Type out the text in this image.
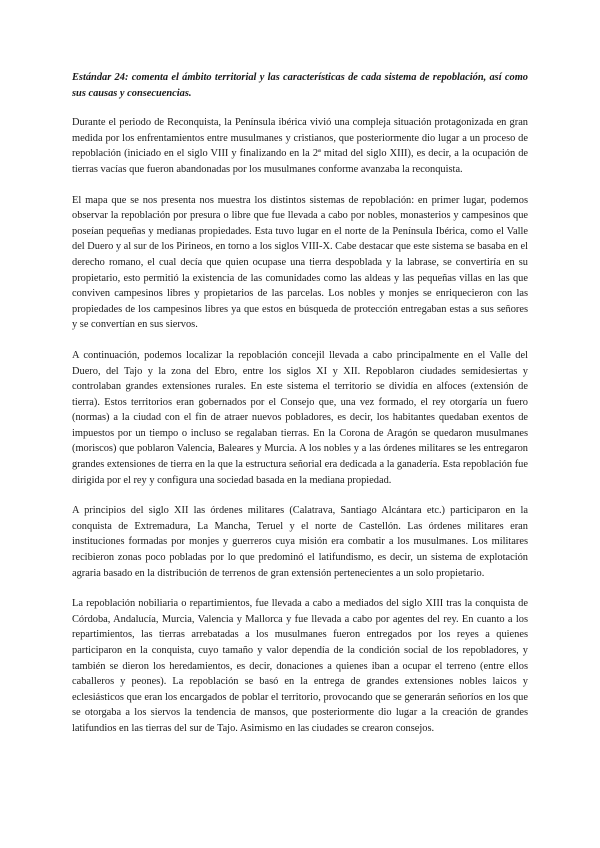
Estándar 24: comenta el ámbito territorial y las características de cada sistema de repoblación, así como sus causas y consecuencias.

Durante el periodo de Reconquista, la Península ibérica vivió una compleja situación protagonizada en gran medida por los enfrentamientos entre musulmanes y cristianos, que posteriormente dio lugar a un proceso de repoblación (iniciado en el siglo VIII y finalizando en la 2ª mitad del siglo XIII), es decir, a la ocupación de tierras vacías que fueron abandonadas por los musulmanes conforme avanzaba la reconquista.

El mapa que se nos presenta nos muestra los distintos sistemas de repoblación: en primer lugar, podemos observar la repoblación por presura o libre que fue llevada a cabo por nobles, monasterios y campesinos que poseían pequeñas y medianas propiedades. Esta tuvo lugar en el norte de la Península Ibérica, como el Valle del Duero y al sur de los Pirineos, en torno a los siglos VIII-X. Cabe destacar que este sistema se basaba en el derecho romano, el cual decía que quien ocupase una tierra despoblada y la labrase, se convertiría en su propietario, esto permitió la existencia de las comunidades como las aldeas y las pequeñas villas en las que conviven campesinos libres y propietarios de las parcelas. Los nobles y monjes se enriquecieron con las propiedades de los campesinos libres ya que estos en búsqueda de protección entregaban estas a sus señores y se convertían en sus siervos.

A continuación, podemos localizar la repoblación concejil llevada a cabo principalmente en el Valle del Duero, del Tajo y la zona del Ebro, entre los siglos XI y XII. Repoblaron ciudades semidesiertas y controlaban grandes extensiones rurales. En este sistema el territorio se dividía en alfoces (extensión de tierra). Estos territorios eran gobernados por el Consejo que, una vez formado, el rey otorgaría un fuero (normas) a la ciudad con el fin de atraer nuevos pobladores, es decir, los habitantes quedaban exentos de impuestos por un tiempo o incluso se regalaban tierras. En la Corona de Aragón se quedaron musulmanes (moriscos) que poblaron Valencia, Baleares y Murcia. A los nobles y a las órdenes militares se les entregaron grandes extensiones de tierra en la que la estructura señorial era dedicada a la ganadería. Esta repoblación fue dirigida por el rey y configura una sociedad basada en la mediana propiedad.

A principios del siglo XII las órdenes militares (Calatrava, Santiago Alcántara etc.) participaron en la conquista de Extremadura, La Mancha, Teruel y el norte de Castellón. Las órdenes militares eran instituciones formadas por monjes y guerreros cuya misión era combatir a los musulmanes. Los militares recibieron zonas poco pobladas por lo que predominó el latifundismo, es decir, un sistema de explotación agraria basado en la distribución de terrenos de gran extensión pertenecientes a un solo propietario.

La repoblación nobiliaria o repartimientos, fue llevada a cabo a mediados del siglo XIII tras la conquista de Córdoba, Andalucía, Murcia, Valencia y Mallorca y fue llevada a cabo por agentes del rey. En cuanto a los repartimientos, las tierras arrebatadas a los musulmanes fueron entregados por los reyes a quienes participaron en la conquista, cuyo tamaño y valor dependía de la condición social de los repobladores, y también se dieron los heredamientos, es decir, donaciones a quienes iban a ocupar el terreno (entre ellos caballeros y peones). La repoblación se basó en la entrega de grandes extensiones nobles laicos y eclesiásticos que eran los encargados de poblar el territorio, provocando que se generarán señoríos en los que se otorgaba a los siervos la tendencia de mansos, que posteriormente dio lugar a la creación de grandes latifundios en las tierras del sur de Tajo. Asimismo en las ciudades se crearon consejos.
